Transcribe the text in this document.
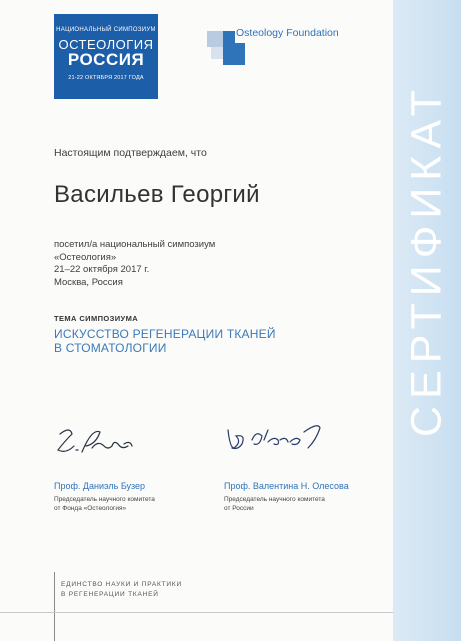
СЕРТИФИКАТ
НАЦИОНАЛЬНЫЙ СИМПОЗИУМ
ОСТЕОЛОГИЯ
РОССИЯ
21-22 ОКТЯБРЯ 2017 ГОДА
Osteology Foundation
Настоящим подтверждаем, что
Васильев Георгий
посетил/а национальный симпозиум
«Остеология»
21–22 октября 2017 г.
Москва, Россия
ТЕМА СИМПОЗИУМА
ИСКУССТВО РЕГЕНЕРАЦИИ ТКАНЕЙ
В СТОМАТОЛОГИИ
Проф. Даниэль Бузер
Председатель научного комитета
от Фонда «Остеология»
Проф. Валентина Н. Олесова
Председатель научного комитета
от России
ЕДИНСТВО НАУКИ И ПРАКТИКИ
В РЕГЕНЕРАЦИИ ТКАНЕЙ
